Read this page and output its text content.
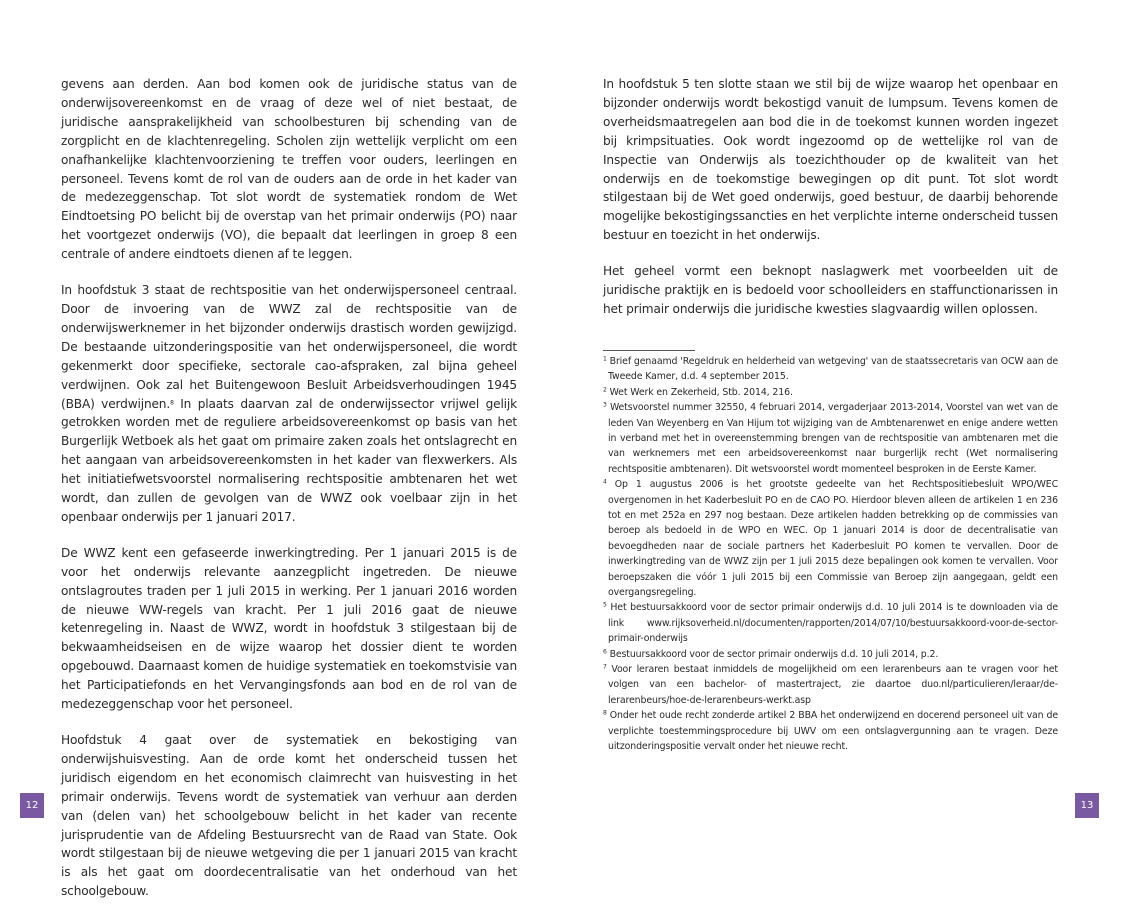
gevens aan derden. Aan bod komen ook de juridische status van de onderwijsovereenkomst en de vraag of deze wel of niet bestaat, de juridische aansprakelijkheid van schoolbesturen bij schending van de zorgplicht en de klachtenregeling. Scholen zijn wettelijk verplicht om een onafhankelijke klachtenvoorziening te treffen voor ouders, leerlingen en personeel. Tevens komt de rol van de ouders aan de orde in het kader van de medezeggenschap. Tot slot wordt de systematiek rondom de Wet Eindtoetsing PO belicht bij de overstap van het primair onderwijs (PO) naar het voortgezet onderwijs (VO), die bepaalt dat leerlingen in groep 8 een centrale of andere eindtoets dienen af te leggen.

In hoofdstuk 3 staat de rechtspositie van het onderwijspersoneel centraal. Door de invoering van de WWZ zal de rechtspositie van de onderwijswerknemer in het bijzonder onderwijs drastisch worden gewijzigd. De bestaande uitzonderingspositie van het onderwijspersoneel, die wordt gekenmerkt door specifieke, sectorale cao-afspraken, zal bijna geheel verdwijnen. Ook zal het Buitengewoon Besluit Arbeidsverhoudingen 1945 (BBA) verdwijnen.$^8$ In plaats daarvan zal de onderwijssector vrijwel gelijk getrokken worden met de reguliere arbeidsovereenkomst op basis van het Burgerlijk Wetboek als het gaat om primaire zaken zoals het ontslagrecht en het aangaan van arbeidsovereenkomsten in het kader van flexwerkers. Als het initiatiefwetsvoorstel normalisering rechtspositie ambtenaren het wet wordt, dan zullen de gevolgen van de WWZ ook voelbaar zijn in het openbaar onderwijs per 1 januari 2017.

De WWZ kent een gefaseerde inwerkingtreding. Per 1 januari 2015 is de voor het onderwijs relevante aanzegplicht ingetreden. De nieuwe ontslagroutes traden per 1 juli 2015 in werking. Per 1 januari 2016 worden de nieuwe WW-regels van kracht. Per 1 juli 2016 gaat de nieuwe ketenregeling in. Naast de WWZ, wordt in hoofdstuk 3 stilgestaan bij de bekwaamheidseisen en de wijze waarop het dossier dient te worden opgebouwd. Daarnaast komen de huidige systematiek en toekomstvisie van het Participatiefonds en het Vervangingsfonds aan bod en de rol van de medezeggenschap voor het personeel.

Hoofdstuk 4 gaat over de systematiek en bekostiging van onderwijshuisvesting. Aan de orde komt het onderscheid tussen het juridisch eigendom en het economisch claimrecht van huisvesting in het primair onderwijs. Tevens wordt de systematiek van verhuur aan derden van (delen van) het schoolgebouw belicht in het kader van recente jurisprudentie van de Afdeling Bestuursrecht van de Raad van State. Ook wordt stilgestaan bij de nieuwe wetgeving die per 1 januari 2015 van kracht is als het gaat om doordecentralisatie van het onderhoud van het schoolgebouw.

12

In hoofdstuk 5 ten slotte staan we stil bij de wijze waarop het openbaar en bijzonder onderwijs wordt bekostigd vanuit de lumpsum. Tevens komen de overheidsmaatregelen aan bod die in de toekomst kunnen worden ingezet bij krimpsituaties. Ook wordt ingezoomd op de wettelijke rol van de Inspectie van Onderwijs als toezichthouder op de kwaliteit van het onderwijs en de toekomstige bewegingen op dit punt. Tot slot wordt stilgestaan bij de Wet goed onderwijs, goed bestuur, de daarbij behorende mogelijke bekostigingssancties en het verplichte interne onderscheid tussen bestuur en toezicht in het onderwijs.

Het geheel vormt een beknopt naslagwerk met voorbeelden uit de juridische praktijk en is bedoeld voor schoolleiders en staffunctionarissen in het primair onderwijs die juridische kwesties slagvaardig willen oplossen.

$^1$ Brief genaamd 'Regeldruk en helderheid van wetgeving' van de staatssecretaris van OCW aan de Tweede Kamer, d.d. 4 september 2015.

$^2$ Wet Werk en Zekerheid, Stb. 2014, 216.

$^3$ Wetsvoorstel nummer 32550, 4 februari 2014, vergaderjaar 2013-2014, Voorstel van wet van de leden Van Weyenberg en Van Hijum tot wijziging van de Ambtenarenwet en enige andere wetten in verband met het in overeenstemming brengen van de rechtspositie van ambtenaren met die van werknemers met een arbeidsovereenkomst naar burgerlijk recht (Wet normalisering rechtspositie ambtenaren). Dit wetsvoorstel wordt momenteel besproken in de Eerste Kamer.

$^4$ Op 1 augustus 2006 is het grootste gedeelte van het Rechtspositiebesluit WPO/WEC overgenomen in het Kaderbesluit PO en de CAO PO. Hierdoor bleven alleen de artikelen 1 en 236 tot en met 252a en 297 nog bestaan. Deze artikelen hadden betrekking op de commissies van beroep als bedoeld in de WPO en WEC. Op 1 januari 2014 is door de decentralisatie van bevoegdheden naar de sociale partners het Kaderbesluit PO komen te vervallen. Door de inwerkingtreding van de WWZ zijn per 1 juli 2015 deze bepalingen ook komen te vervallen. Voor beroepszaken die vóór 1 juli 2015 bij een Commissie van Beroep zijn aangegaan, geldt een overgangsregeling.

$^5$ Het bestuursakkoord voor de sector primair onderwijs d.d. 10 juli 2014 is te downloaden via de link www.rijksoverheid.nl/documenten/rapporten/2014/07/10/bestuursakkoord-voor-de-sector-primair-onderwijs

$^6$ Bestuursakkoord voor de sector primair onderwijs d.d. 10 juli 2014, p.2.

$^7$ Voor leraren bestaat inmiddels de mogelijkheid om een lerarenbeurs aan te vragen voor het volgen van een bachelor- of mastertraject, zie daartoe duo.nl/particulieren/leraar/de-lerarenbeurs/hoe-de-lerarenbeurs-werkt.asp

$^8$ Onder het oude recht zonderde artikel 2 BBA het onderwijzend en docerend personeel uit van de verplichte toestemmingsprocedure bij UWV om een ontslagvergunning aan te vragen. Deze uitzonderingspositie vervalt onder het nieuwe recht.

13
